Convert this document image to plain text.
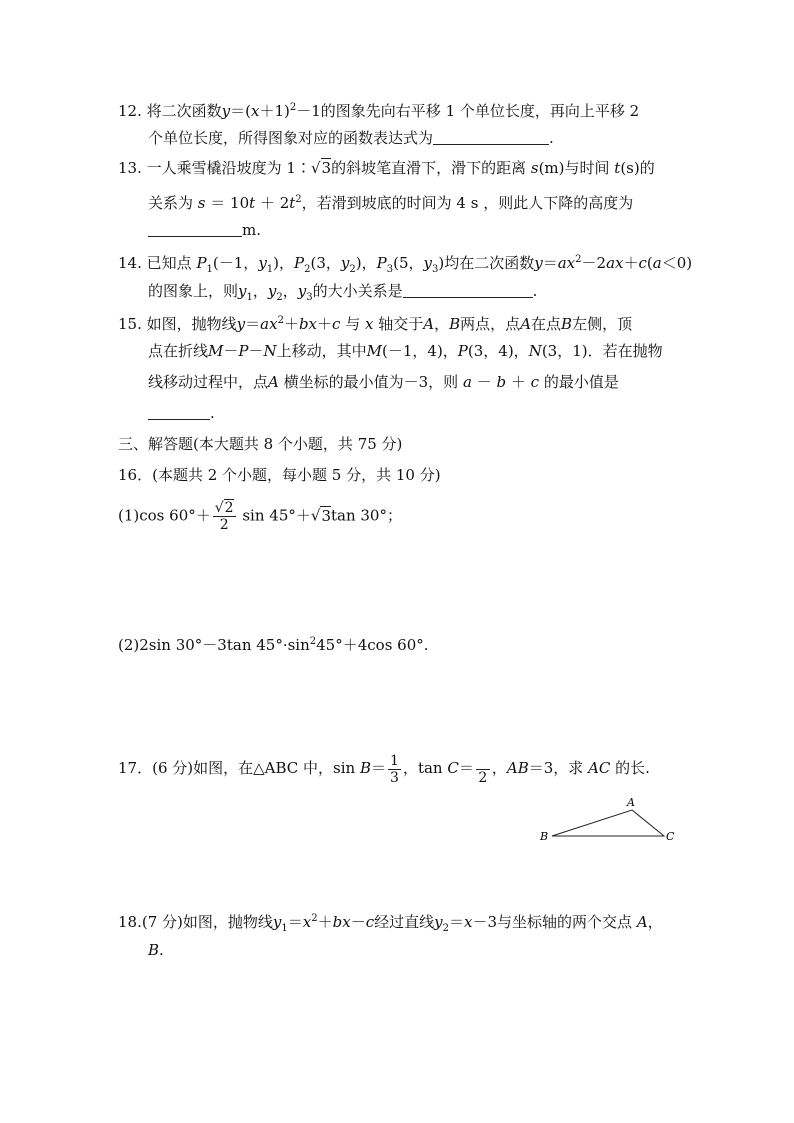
12. 将二次函数$y=(x+1)^2-1$的图象先向右平移 1 个单位长度，再向上平移 2
个单位长度，所得图象对应的函数表达式为	.
13. 一人乘雪橇沿坡度为 1∶√3的斜坡笔直滑下，滑下的距离 s(m)与时间 t(s)的
关系为 $s = 10t + 2t^2$，若滑到坡底的时间为 4 s ，则此人下降的高度为
m.
14. 已知点 $P_1(-1$，$y_1$)，$P_2(3$，$y_2$)，$P_3(5$，$y_3$)均在二次函数$y=ax^2-2ax+c(a<0)$
的图象上，则$y_1$，$y_2$，$y_3$的大小关系是	.
15. 如图，抛物线$y=ax^2+bx+c$ 与 x 轴交于A，B两点，点A在点B左侧，顶
点在折线M－P－N上移动，其中M(－1，4)，P(3，4)，N(3，1)．若在抛物
线移动过程中，点A 横坐标的最小值为－3，则 a － b ＋ c 的最小值是
.
三、解答题(本大题共 8 个小题，共 75 分)
16．(本题共 2 个小题，每小题 5 分，共 10 分)
(1)cos $60^\circ+ \frac{√2}{2}$ sin 45°＋√3tan 30°；
(2)2sin 30°－3tan $45^\circ\cdot\sin^245^\circ+4\cos$ 60°.
17．(6 分)如图，在△ABC 中，$\sin B= \frac{1}{3}$ ，tan C＝

2
，AB＝3，求 AC 的长.
A
B	C
18.(7 分)如图，抛物线$y_1=x^2+bx-c$经过直线$y_2=x-3$与坐标轴的两个交点 A，
B.
